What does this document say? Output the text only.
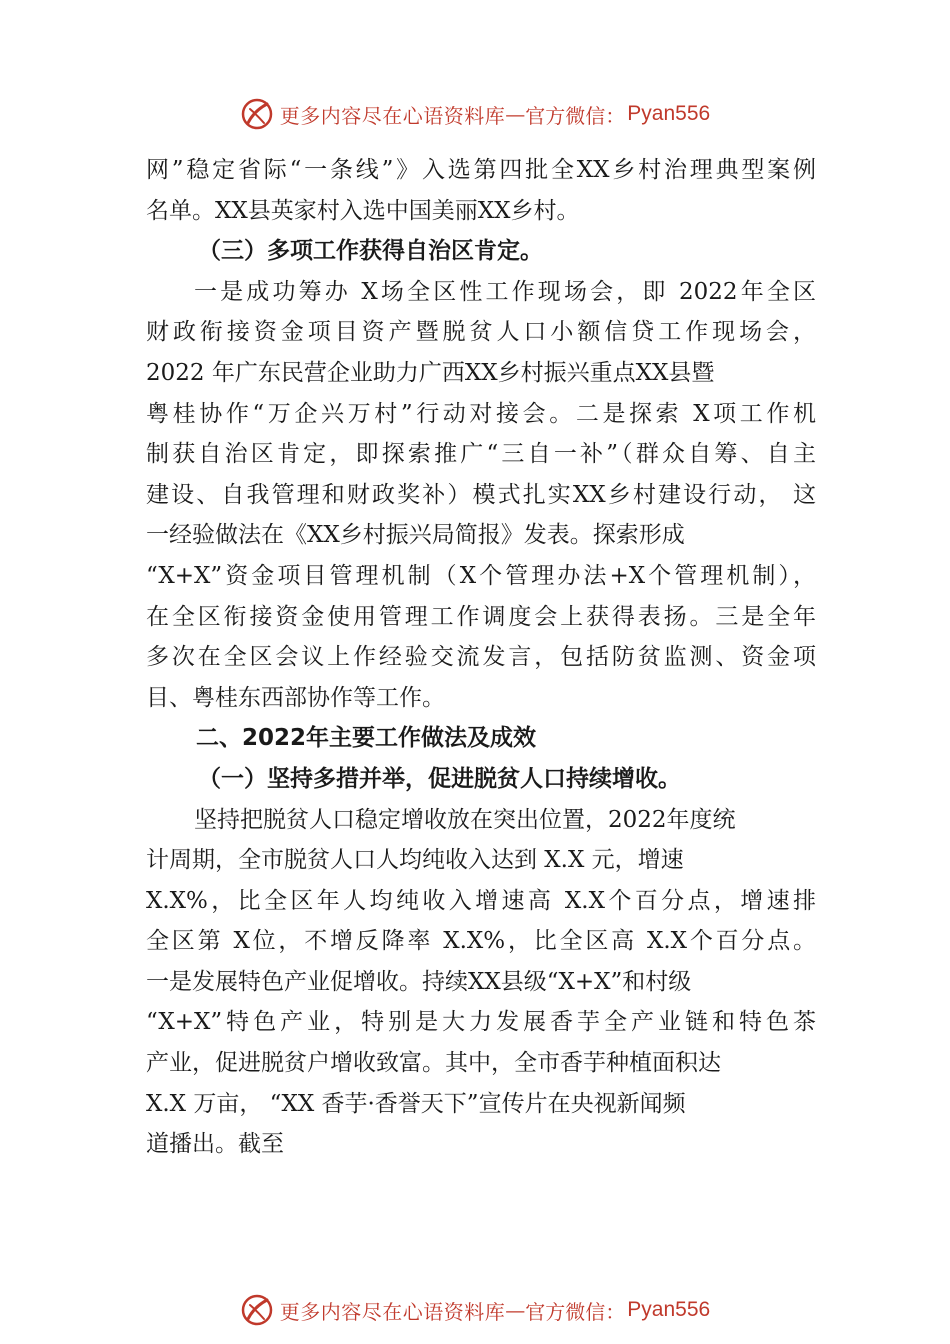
更多内容尽在心语资料库 — 官方微信： Pyan556
网”稳定省际“一条线”》入选第四批全XX乡村治理典型案例
名单。XX县英家村入选中国美丽XX乡村。
（三）多项工作获得自治区肯定。
一是成功筹办 X场全区性工作现场会，即 2022年全区
财政衔接资金项目资产暨脱贫人口小额信贷工作现场会，
2022 年广东民营企业助力广西XX乡村振兴重点XX县暨
粤桂协作“万企兴万村”行动对接会。二是探索 X项工作机
制获自治区肯定，即探索推广“三自一补”（群众自筹、自主
建设、自我管理和财政奖补）模式扎实XX乡村建设行动， 这
一经验做法在《XX乡村振兴局简报》发表。探索形成
“X+X”资金项目管理机制（X个管理办法+X个管理机制），
在全区衔接资金使用管理工作调度会上获得表扬。三是全年
多次在全区会议上作经验交流发言，包括防贫监测、资金项
目、粤桂东西部协作等工作。
二、2022年主要工作做法及成效
（一）坚持多措并举，促进脱贫人口持续增收。
坚持把脱贫人口稳定增收放在突出位置，2022年度统
计周期，全市脱贫人口人均纯收入达到 X.X 元，增速
X.X%，比全区年人均纯收入增速高 X.X个百分点，增速排
全区第 X位，不增反降率 X.X%，比全区高 X.X个百分点。
一是发展特色产业促增收。持续XX县级“X+X”和村级
“X+X”特色产业，特别是大力发展香芋全产业链和特色茶
产业，促进脱贫户增收致富。其中，全市香芋种植面积达
X.X 万亩， “XX 香芋·香誉天下”宣传片在央视新闻频
道播出。截至
更多内容尽在心语资料库 — 官方微信： Pyan556
